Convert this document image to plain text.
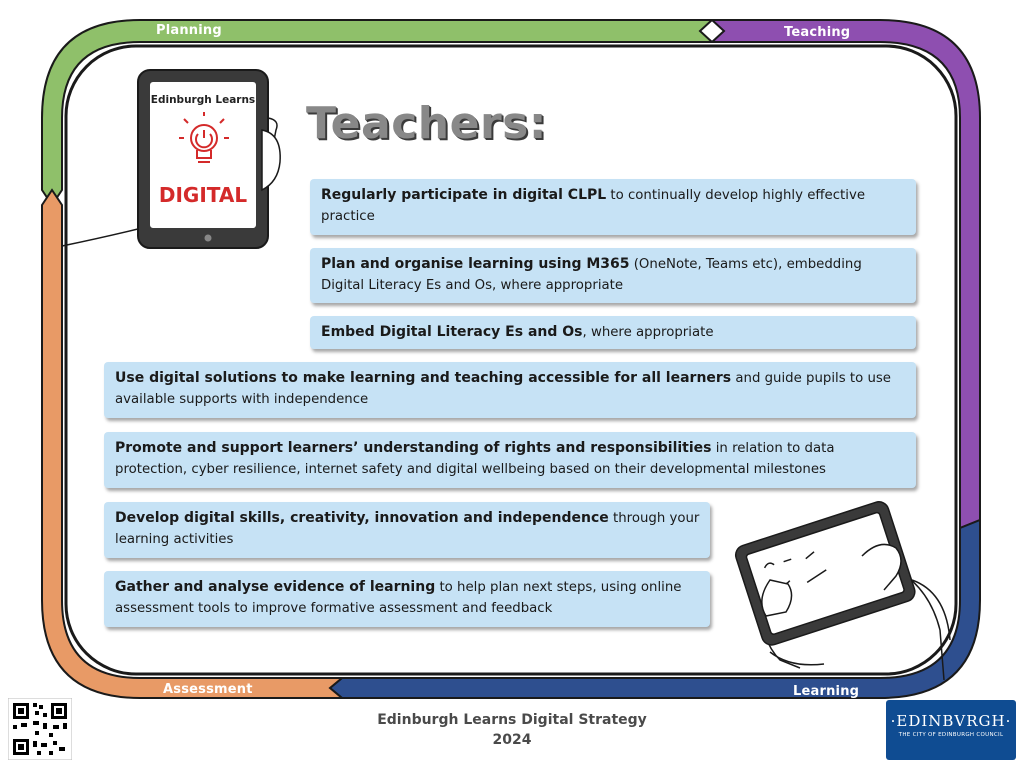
Planning	Teaching
Learning
Assessment
Edinburgh Learns
DIGITAL
Teachers:
Regularly participate in digital CLPL to continually develop highly effective practice
Plan and organise learning using M365 (OneNote, Teams etc), embedding Digital Literacy Es and Os, where appropriate
Embed Digital Literacy Es and Os, where appropriate
Use digital solutions to make learning and teaching accessible for all learners and guide pupils to use available supports with independence
Promote and support learners’ understanding of rights and responsibilities in relation to data protection, cyber resilience, internet safety and digital wellbeing based on their developmental milestones
Develop digital skills, creativity, innovation and independence through your learning activities
Gather and analyse evidence of learning to help plan next steps, using online assessment tools to improve formative assessment and feedback
Edinburgh Learns Digital Strategy
2024
·EDINBVRGH·
THE CITY OF EDINBURGH COUNCIL
